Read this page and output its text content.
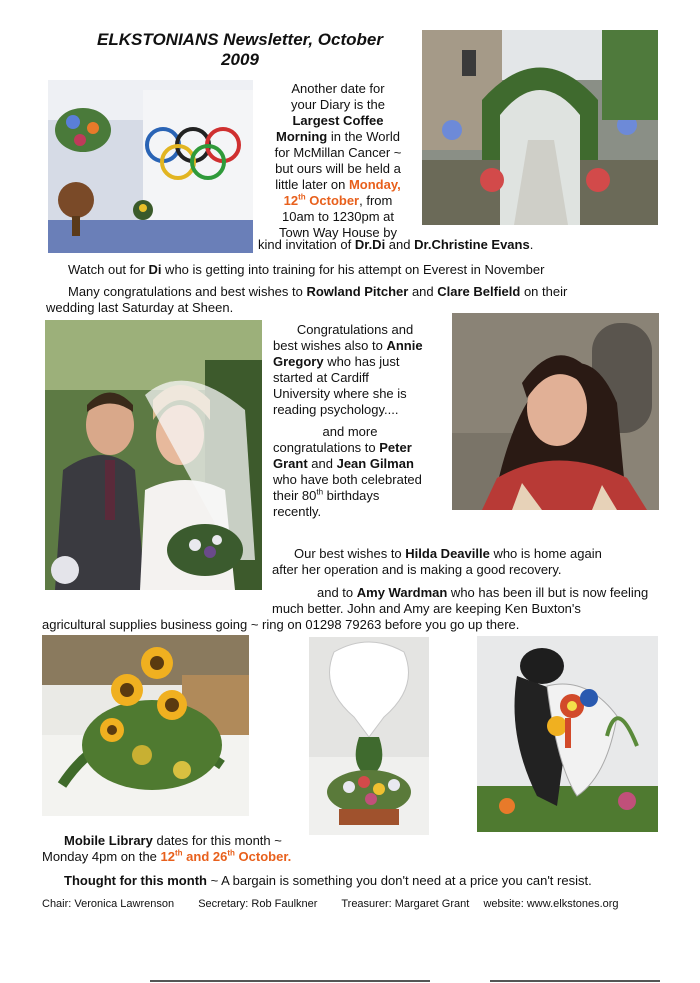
ELKSTONIANS Newsletter, October
2009
Another date for
your Diary is the
Largest Coffee
Morning in the World
for McMillan Cancer ~
but ours will be held a
little later on Monday,
12th October, from
10am to 1230pm at
Town Way House by
kind invitation of Dr.Di and Dr.Christine Evans.
Watch out for Di who is getting into training for his attempt on Everest in November
Many congratulations and best wishes to Rowland Pitcher and Clare Belfield on their
wedding last Saturday at Sheen.
Congratulations and
best wishes also to Annie
Gregory who has just
started at Cardiff
University where she is
reading psychology....
and more
congratulations to Peter
Grant and Jean Gilman
who have both celebrated
their 80th birthdays
recently.
Our best wishes to Hilda Deaville who is home again
after her operation and is making a good recovery.
and to Amy Wardman who has been ill but is now feeling
much better. John and Amy are keeping Ken Buxton's
agricultural supplies business going ~ ring on 01298 79263 before you go up there.
Mobile Library dates for this month ~
Monday 4pm on the 12th and 26th October.
Thought for this month ~ A bargain is something you don't need at a price you can't resist.
Chair: Veronica Lawrenson Secretary: Rob Faulkner Treasurer: Margaret Grant website: www.elkstones.org
